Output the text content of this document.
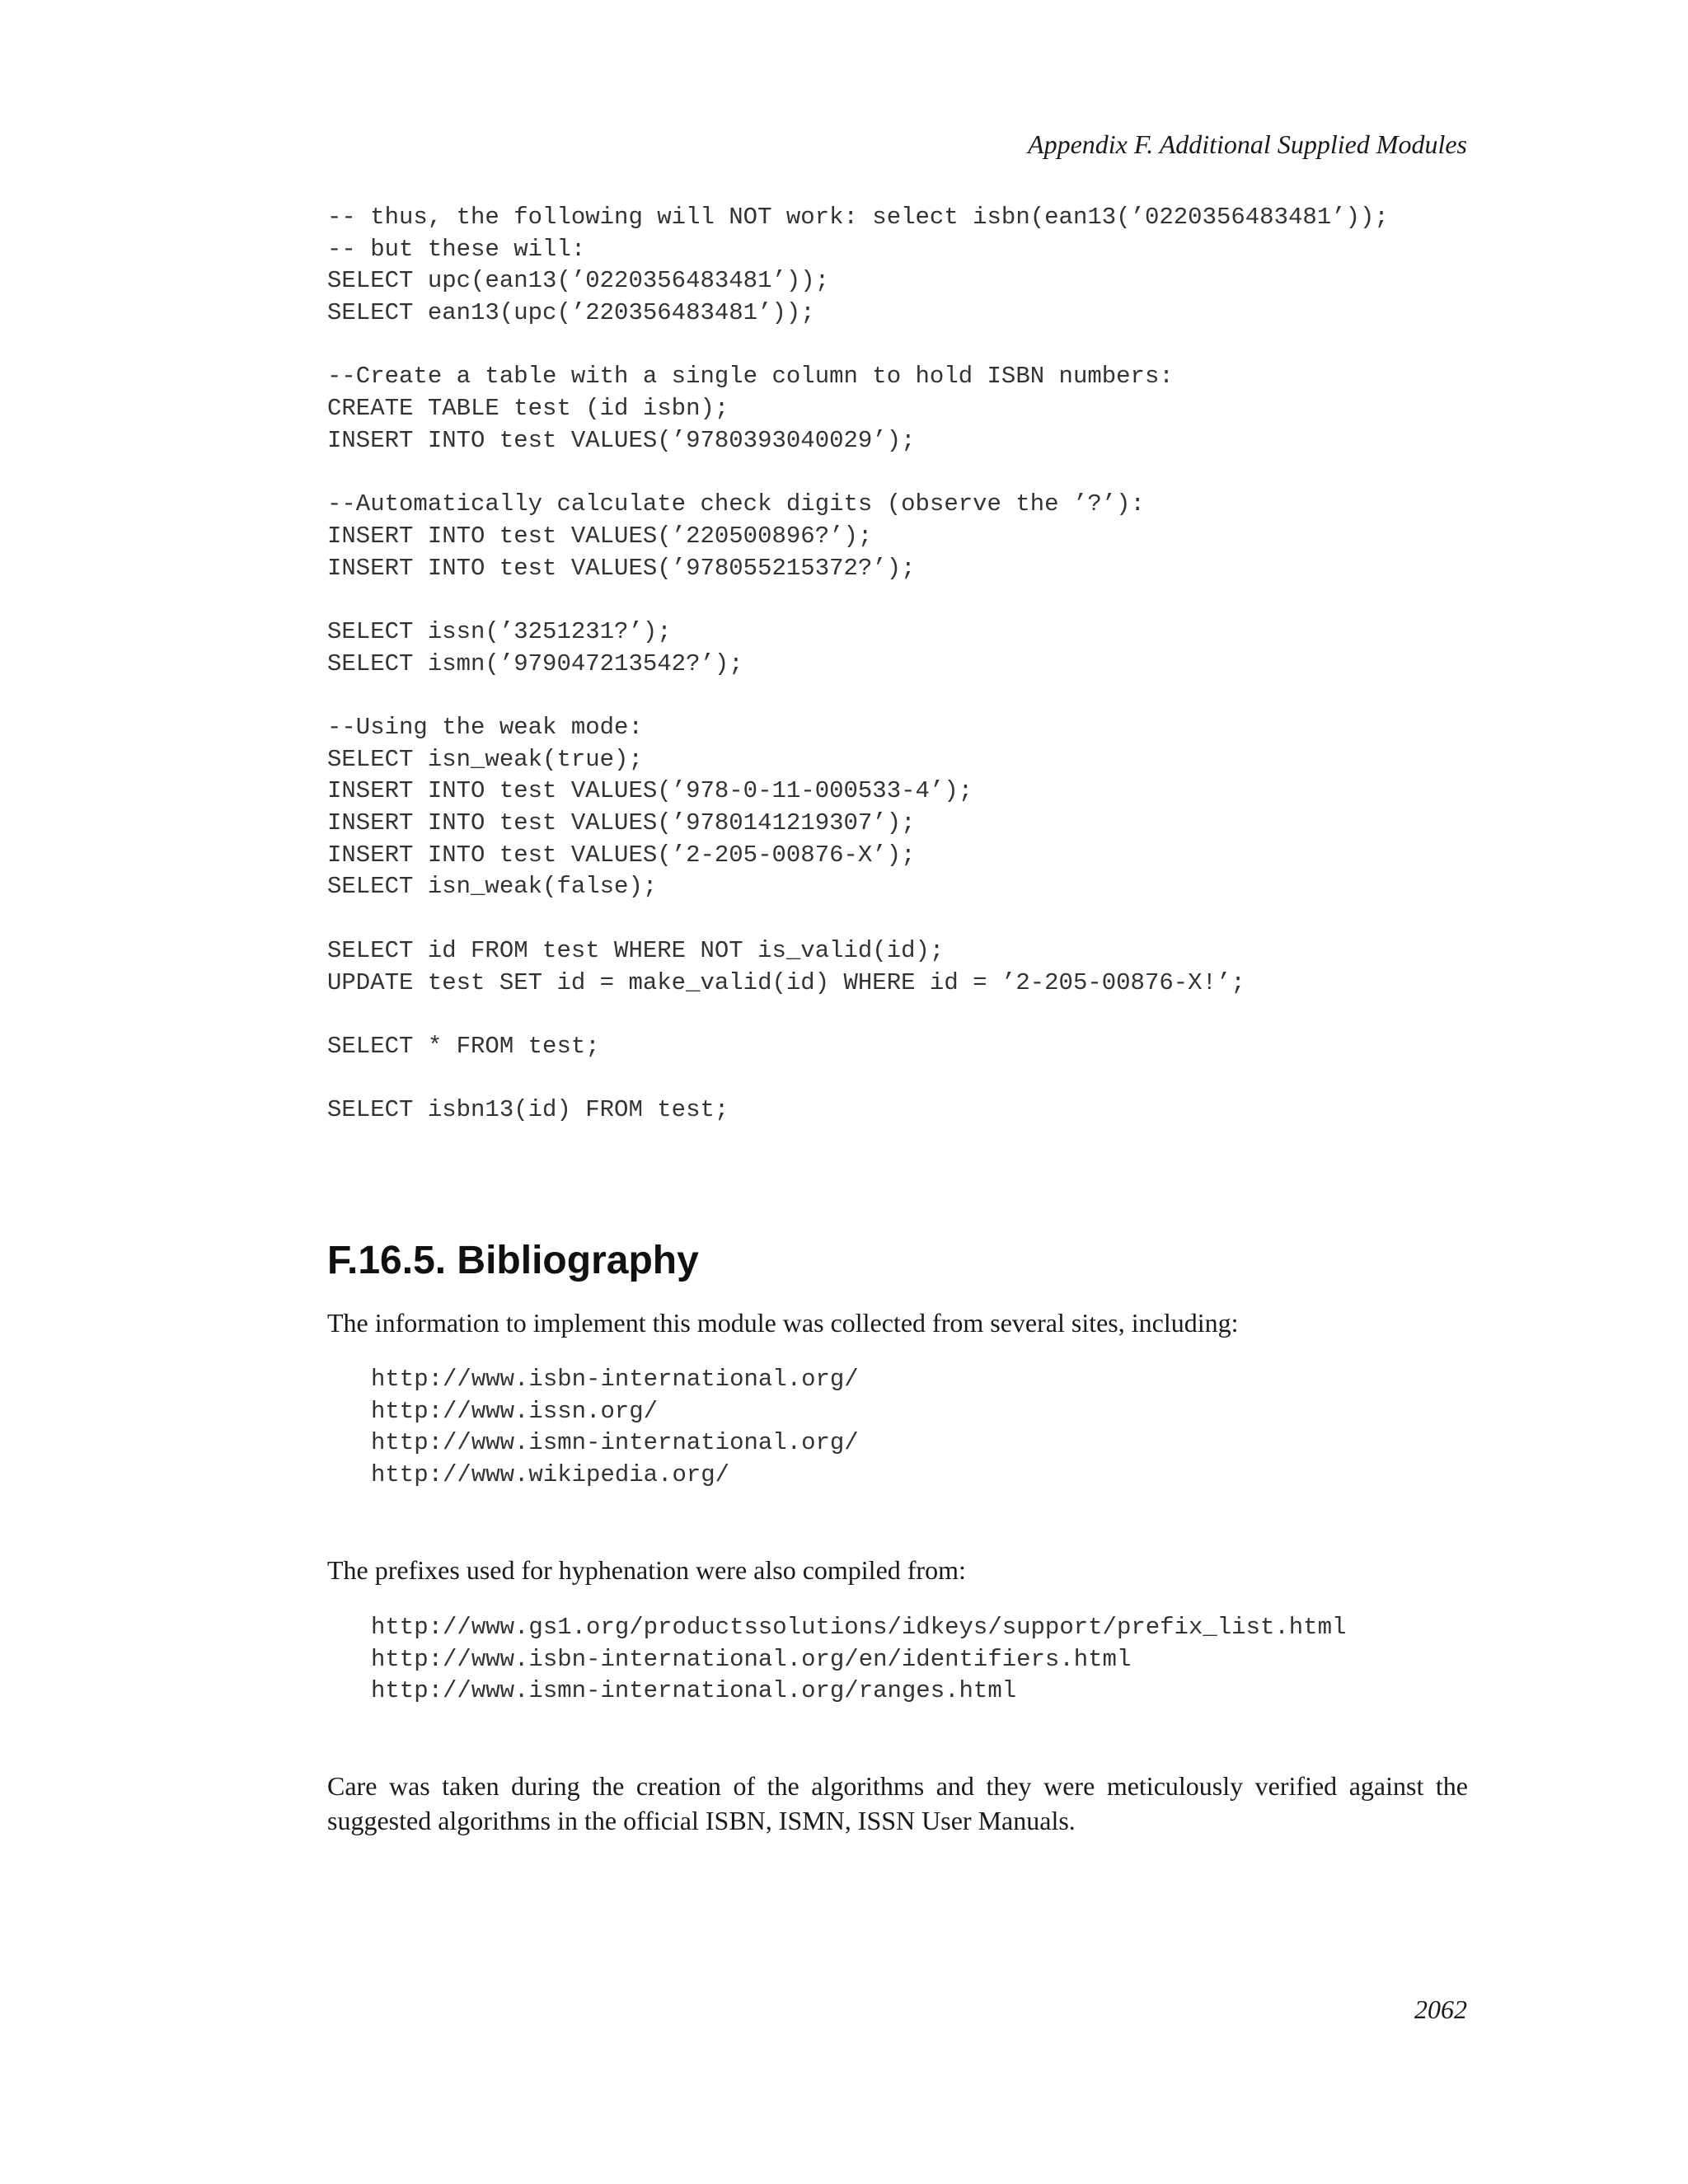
Appendix F. Additional Supplied Modules
-- thus, the following will NOT work: select isbn(ean13(’0220356483481’));
-- but these will:
SELECT upc(ean13(’0220356483481’));
SELECT ean13(upc(’220356483481’));
--Create a table with a single column to hold ISBN numbers:
CREATE TABLE test (id isbn);
INSERT INTO test VALUES(’9780393040029’);
--Automatically calculate check digits (observe the ’?’):
INSERT INTO test VALUES(’220500896?’);
INSERT INTO test VALUES(’978055215372?’);
SELECT issn(’3251231?’);
SELECT ismn(’979047213542?’);
--Using the weak mode:
SELECT isn_weak(true);
INSERT INTO test VALUES(’978-0-11-000533-4’);
INSERT INTO test VALUES(’9780141219307’);
INSERT INTO test VALUES(’2-205-00876-X’);
SELECT isn_weak(false);
SELECT id FROM test WHERE NOT is_valid(id);
UPDATE test SET id = make_valid(id) WHERE id = ’2-205-00876-X!’;
SELECT * FROM test;
SELECT isbn13(id) FROM test;
F.16.5. Bibliography

The information to implement this module was collected from several sites, including:

http://www.isbn-international.org/
http://www.issn.org/
http://www.ismn-international.org/
http://www.wikipedia.org/

The prefixes used for hyphenation were also compiled from:

http://www.gs1.org/productssolutions/idkeys/support/prefix_list.html
http://www.isbn-international.org/en/identifiers.html
http://www.ismn-international.org/ranges.html

Care was taken during the creation of the algorithms and they were meticulously verified against the suggested algorithms in the official ISBN, ISMN, ISSN User Manuals.

2062
